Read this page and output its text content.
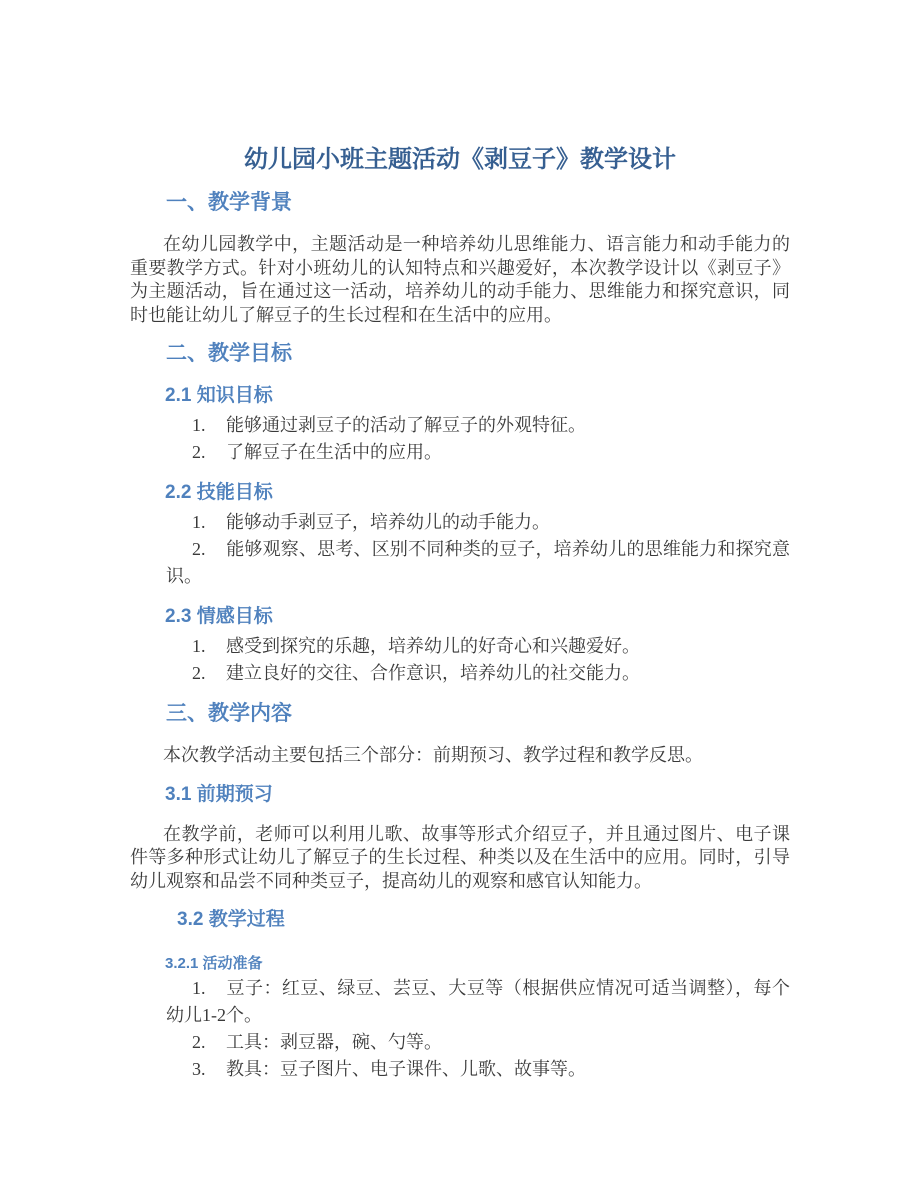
幼儿园小班主题活动《剥豆子》教学设计
一、教学背景

在幼儿园教学中，主题活动是一种培养幼儿思维能力、语言能力和动手能力的重要教学方式。针对小班幼儿的认知特点和兴趣爱好，本次教学设计以《剥豆子》为主题活动，旨在通过这一活动，培养幼儿的动手能力、思维能力和探究意识，同时也能让幼儿了解豆子的生长过程和在生活中的应用。

二、教学目标
2.1 知识目标
1. 能够通过剥豆子的活动了解豆子的外观特征。
2. 了解豆子在生活中的应用。
2.2 技能目标
1. 能够动手剥豆子，培养幼儿的动手能力。
2. 能够观察、思考、区别不同种类的豆子，培养幼儿的思维能力和探究意识。
2.3 情感目标
1. 感受到探究的乐趣，培养幼儿的好奇心和兴趣爱好。
2. 建立良好的交往、合作意识，培养幼儿的社交能力。
三、教学内容

本次教学活动主要包括三个部分：前期预习、教学过程和教学反思。

3.1 前期预习

在教学前，老师可以利用儿歌、故事等形式介绍豆子，并且通过图片、电子课件等多种形式让幼儿了解豆子的生长过程、种类以及在生活中的应用。同时，引导幼儿观察和品尝不同种类豆子，提高幼儿的观察和感官认知能力。

3.2 教学过程
3.2.1 活动准备
1. 豆子：红豆、绿豆、芸豆、大豆等（根据供应情况可适当调整），每个幼儿1-2个。
2. 工具：剥豆器，碗、勺等。
3. 教具：豆子图片、电子课件、儿歌、故事等。
